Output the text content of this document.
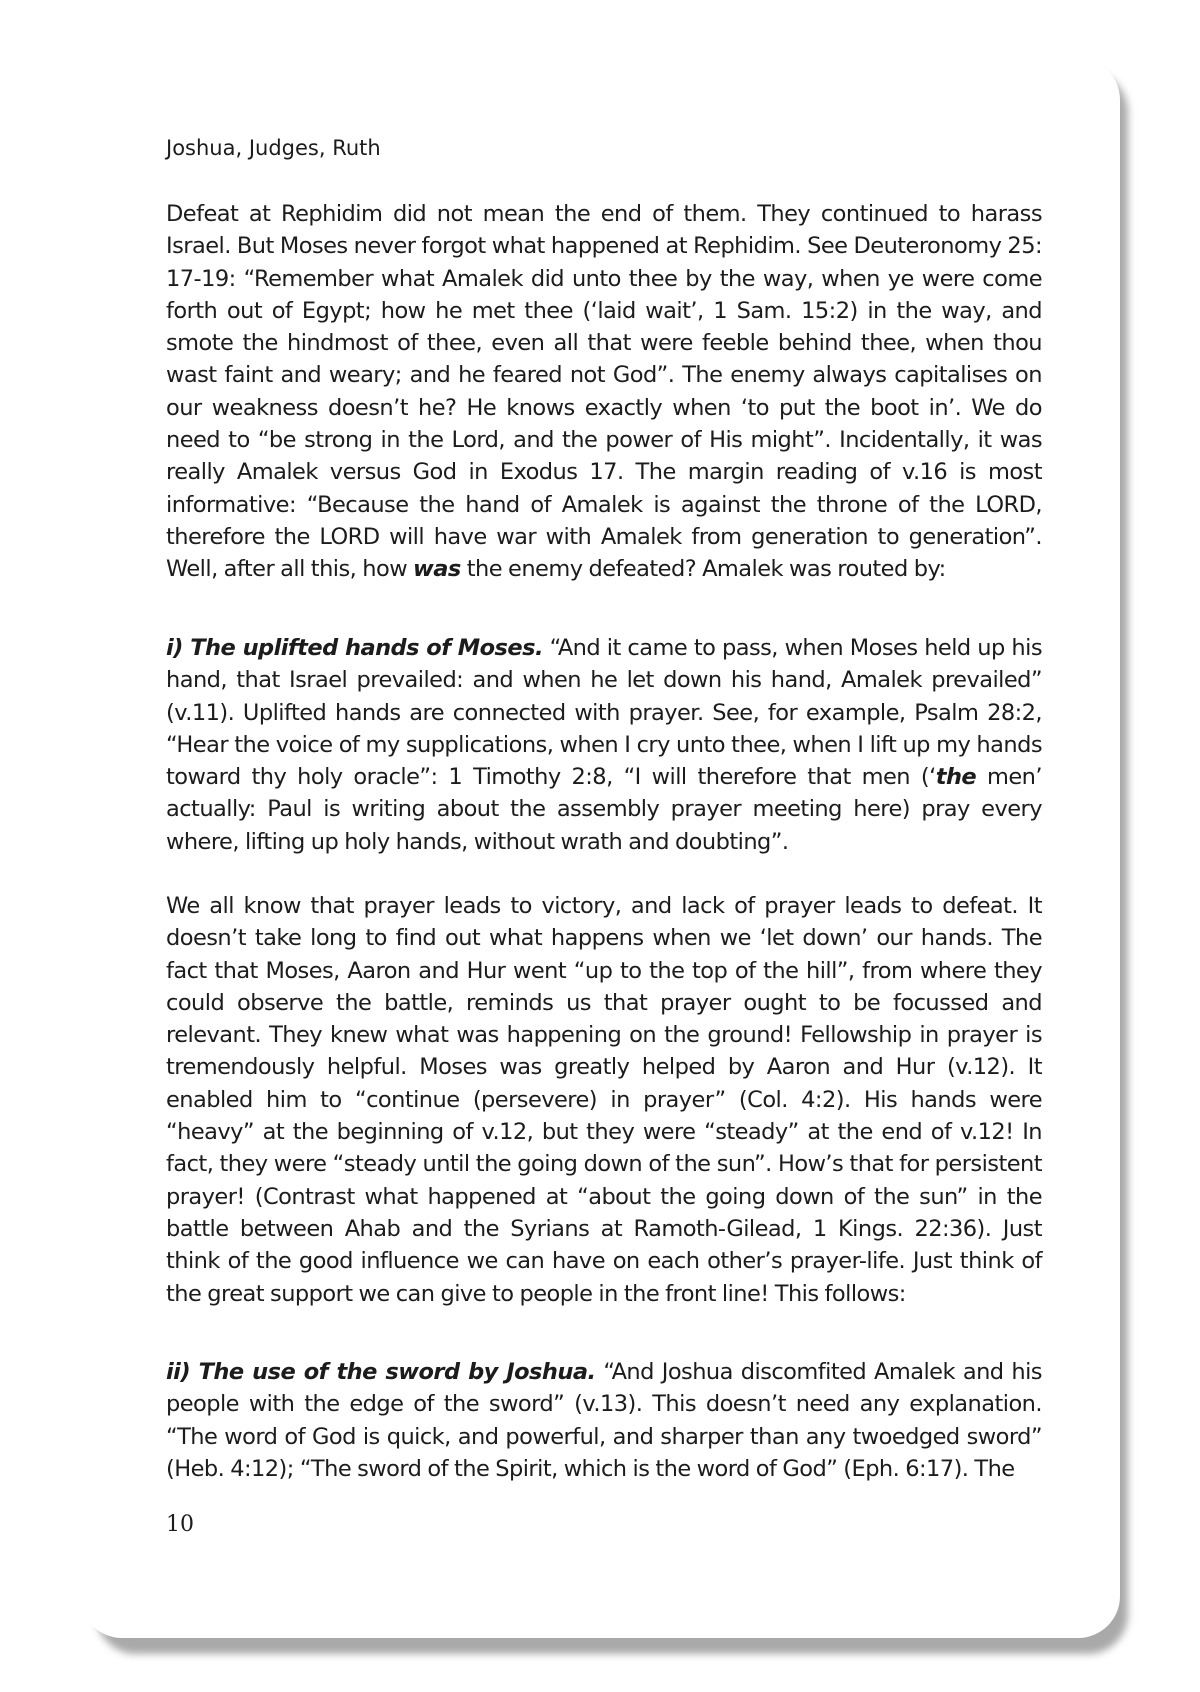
Joshua, Judges, Ruth

Defeat at Rephidim did not mean the end of them. They continued to harass Israel. But Moses never forgot what happened at Rephidim. See Deuteronomy 25: 17-19: “Remember what Amalek did unto thee by the way, when ye were come forth out of Egypt; how he met thee (‘laid wait’, 1 Sam. 15:2) in the way, and smote the hindmost of thee, even all that were feeble behind thee, when thou wast faint and weary; and he feared not God”. The enemy always capitalises on our weakness doesn’t he? He knows exactly when ‘to put the boot in’. We do need to “be strong in the Lord, and the power of His might”. Incidentally, it was really Amalek versus God in Exodus 17. The margin reading of v.16 is most informative: “Because the hand of Amalek is against the throne of the LORD, therefore the LORD will have war with Amalek from generation to generation”. Well, after all this, how was the enemy defeated? Amalek was routed by:

i) The uplifted hands of Moses. “And it came to pass, when Moses held up his hand, that Israel prevailed: and when he let down his hand, Amalek prevailed” (v.11). Uplifted hands are connected with prayer. See, for example, Psalm 28:2, “Hear the voice of my supplications, when I cry unto thee, when I lift up my hands toward thy holy oracle”: 1 Timothy 2:8, “I will therefore that men (‘the men’ actually: Paul is writing about the assembly prayer meeting here) pray every where, lifting up holy hands, without wrath and doubting”.

We all know that prayer leads to victory, and lack of prayer leads to defeat. It doesn’t take long to find out what happens when we ‘let down’ our hands. The fact that Moses, Aaron and Hur went “up to the top of the hill”, from where they could observe the battle, reminds us that prayer ought to be focussed and relevant. They knew what was happening on the ground! Fellowship in prayer is tremendously helpful. Moses was greatly helped by Aaron and Hur (v.12). It enabled him to “continue (persevere) in prayer” (Col. 4:2). His hands were “heavy” at the beginning of v.12, but they were “steady” at the end of v.12! In fact, they were “steady until the going down of the sun”. How’s that for persistent prayer! (Contrast what happened at “about the going down of the sun” in the battle between Ahab and the Syrians at Ramoth-Gilead, 1 Kings. 22:36). Just think of the good influence we can have on each other’s prayer-life. Just think of the great support we can give to people in the front line! This follows:

ii) The use of the sword by Joshua. “And Joshua discomfited Amalek and his people with the edge of the sword” (v.13). This doesn’t need any explanation. “The word of God is quick, and powerful, and sharper than any twoedged sword” (Heb. 4:12); “The sword of the Spirit, which is the word of God” (Eph. 6:17). The

10
